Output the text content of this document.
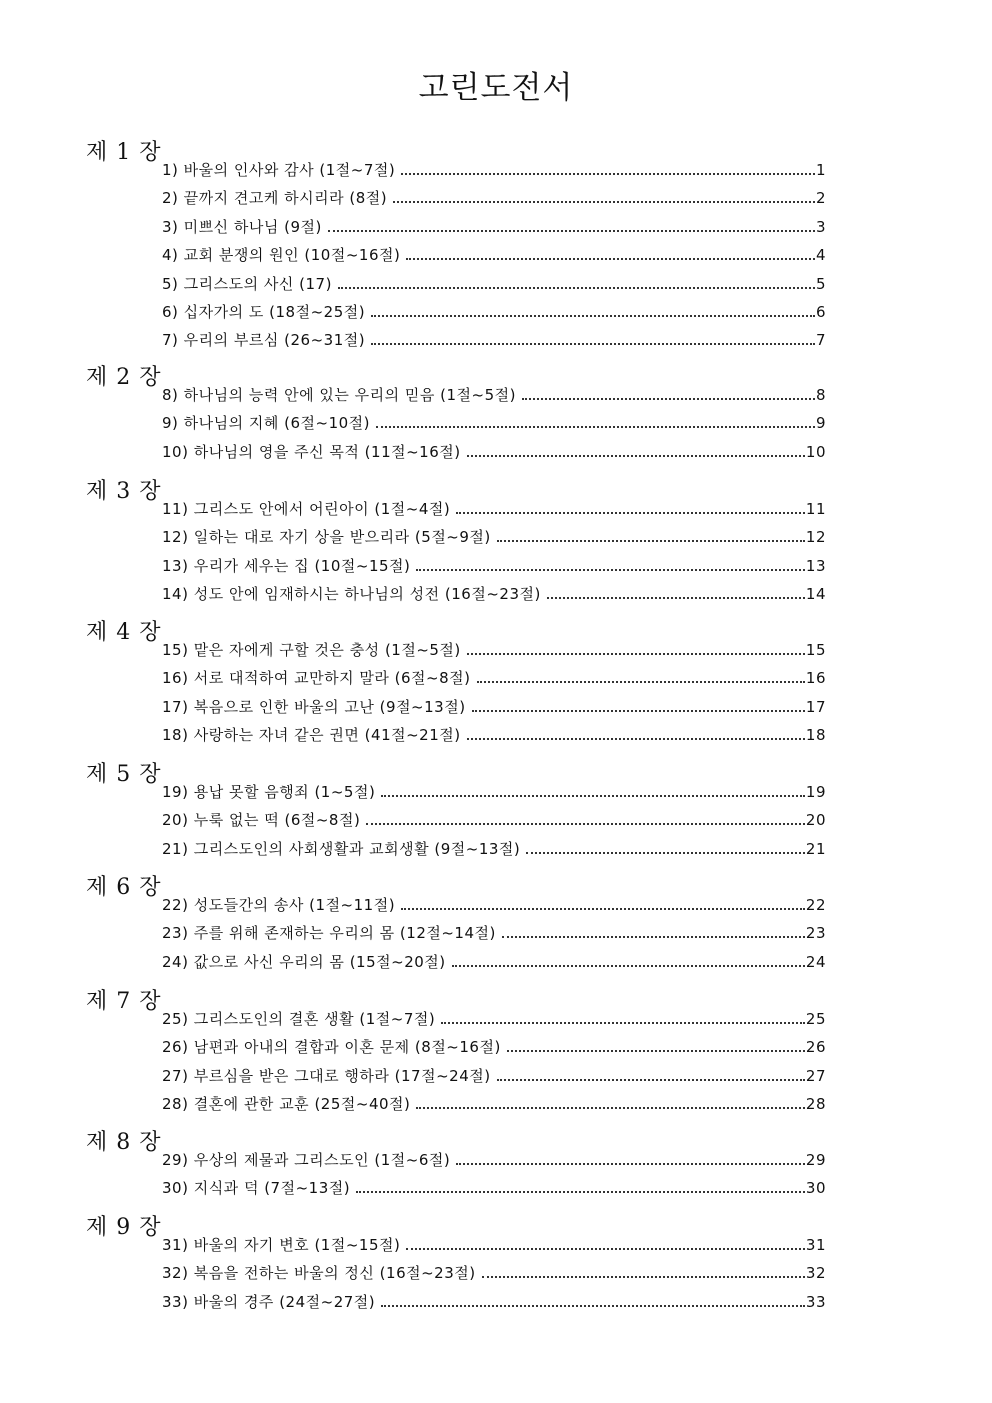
고린도전서
제 1 장
1) 바울의 인사와 감사 (1절~7절)	1
2) 끝까지 견고케 하시리라 (8절)	2
3) 미쁘신 하나님 (9절)	3
4) 교회 분쟁의 원인 (10절~16절)	4
5) 그리스도의 사신 (17)	5
6) 십자가의 도 (18절~25절)	6
7) 우리의 부르심 (26~31절)	7
제 2 장
8) 하나님의 능력 안에 있는 우리의 믿음 (1절~5절)	8
9) 하나님의 지혜 (6절~10절)	9
10) 하나님의 영을 주신 목적 (11절~16절)	10
제 3 장
11) 그리스도 안에서 어린아이 (1절~4절)	11
12) 일하는 대로 자기 상을 받으리라 (5절~9절)	12
13) 우리가 세우는 집 (10절~15절)	13
14) 성도 안에 임재하시는 하나님의 성전 (16절~23절)	14
제 4 장
15) 맡은 자에게 구할 것은 충성 (1절~5절)	15
16) 서로 대적하여 교만하지 말라 (6절~8절)	16
17) 복음으로 인한 바울의 고난 (9절~13절)	17
18) 사랑하는 자녀 같은 권면 (41절~21절)	18
제 5 장
19) 용납 못할 음행죄 (1~5절)	19
20) 누룩 없는 떡 (6절~8절)	20
21) 그리스도인의 사회생활과 교회생활 (9절~13절)	21
제 6 장
22) 성도들간의 송사 (1절~11절)	22
23) 주를 위해 존재하는 우리의 몸 (12절~14절)	23
24) 값으로 사신 우리의 몸 (15절~20절)	24
제 7 장
25) 그리스도인의 결혼 생활 (1절~7절)	25
26) 남편과 아내의 결합과 이혼 문제 (8절~16절)	26
27) 부르심을 받은 그대로 행하라 (17절~24절)	27
28) 결혼에 관한 교훈 (25절~40절)	28
제 8 장
29) 우상의 제물과 그리스도인 (1절~6절)	29
30) 지식과 덕 (7절~13절)	30
제 9 장
31) 바울의 자기 변호 (1절~15절)	31
32) 복음을 전하는 바울의 정신 (16절~23절)	32
33) 바울의 경주 (24절~27절)	33
